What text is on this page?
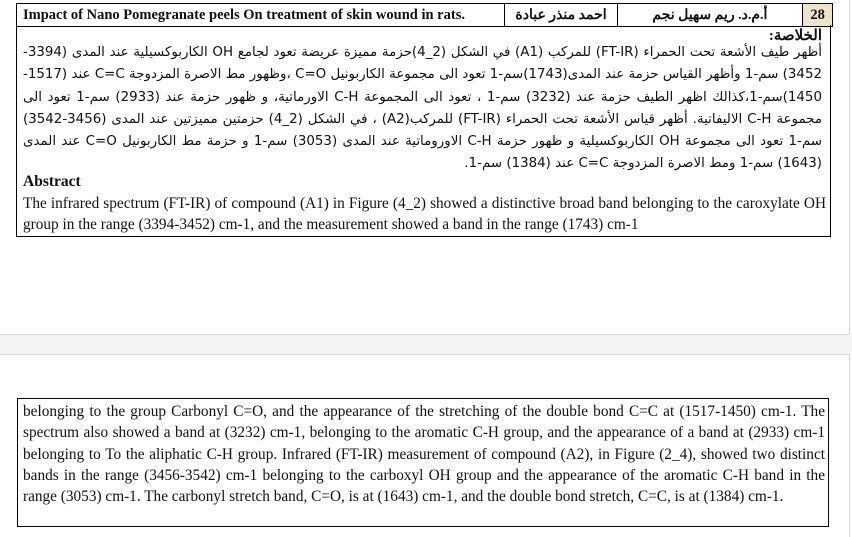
Impact of Nano Pomegranate peels On treatment of skin wound in rats.	احمد منذر عبادة	أ.م.د. ريم سهيل نجم	28
الخلاصة:
أظهر طيف الأشعة تحت الحمراء (FT-IR) للمركب (A1) في الشكل (2_4)حزمة مميزة عريضة تعود لجامع OH الكاربوكسيلية عند المدى (3394-3452) سم-1 وأظهر القياس حزمة عند المدى(1743)سم-1 تعود الى مجموعة الكاربونيل C=O ،وظهور مط الاصرة المزدوجة C=C عند (1517-1450)سم-1،كذالك اظهر الطيف حزمة عند (3232) سم-1 ، تعود الى المجموعة C-H الاورماتية، و ظهور حزمة عند (2933) سم-1 تعود الى مجموعة C-H الاليفاتية. أظهر قياس الأشعة تحت الحمراء (FT-IR) للمركب(A2) ، في الشكل (2_4) حزمتين مميزتين عند المدى (3456-3542) سم-1 تعود الى مجموعة OH الكاربوكسيلية و ظهور حزمة C-H الاوروماتية عند المدى (3053) سم-1 و حزمة مط الكاربونيل C=O عند المدى (1643) سم-1 ومط الاصرة المزدوجة C=C عند (1384) سم-1.
Abstract
The infrared spectrum (FT-IR) of compound (A1) in Figure (4_2) showed a distinctive broad band belonging to the caroxylate OH group in the range (3394-3452) cm-1, and the measurement showed a band in the range (1743) cm-1
belonging to the group Carbonyl C=O, and the appearance of the stretching of the double bond C=C at (1517-1450) cm-1. The spectrum also showed a band at (3232) cm-1, belonging to the aromatic C-H group, and the appearance of a band at (2933) cm-1 belonging to To the aliphatic C-H group. Infrared (FT-IR) measurement of compound (A2), in Figure (2_4), showed two distinct bands in the range (3456-3542) cm-1 belonging to the carboxyl OH group and the appearance of the aromatic C-H band in the range (3053) cm-1. The carbonyl stretch band, C=O, is at (1643) cm-1, and the double bond stretch, C=C, is at (1384) cm-1.
